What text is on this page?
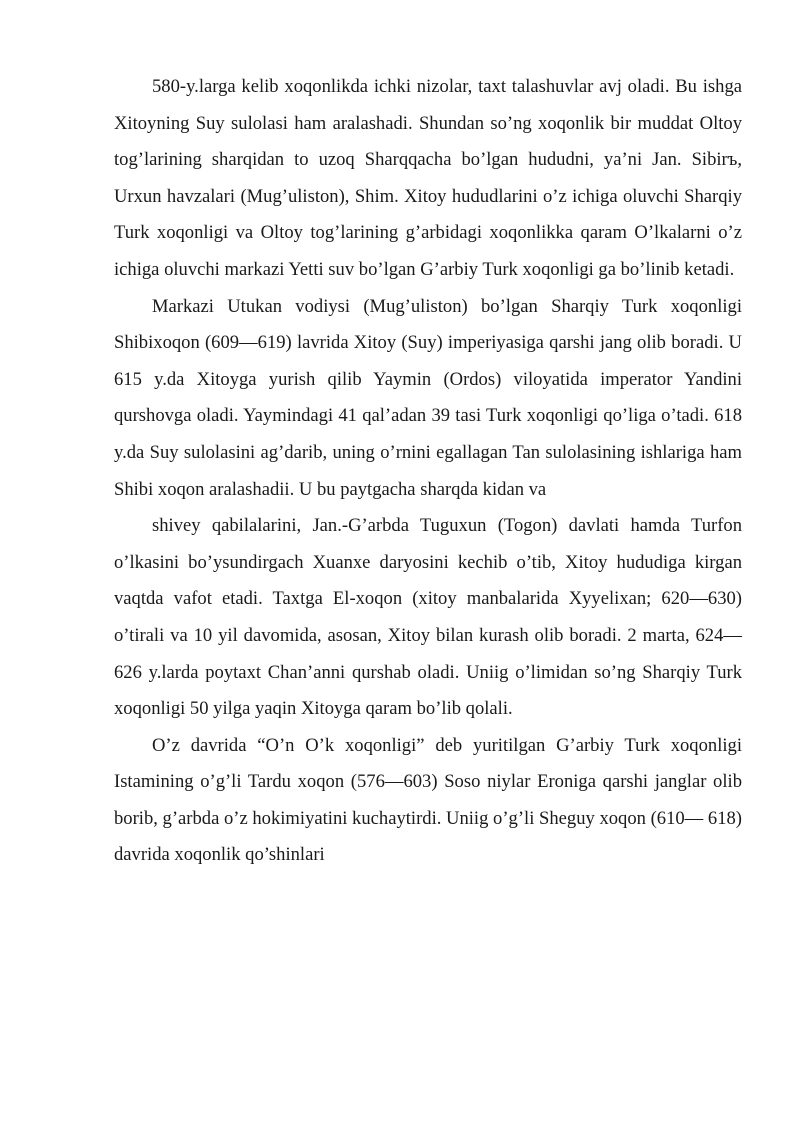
580-y.larga kelib xoqonlikda ichki nizolar, taxt talashuvlar avj oladi. Bu ishga Xitoyning Suy sulolasi ham aralashadi. Shundan so’ng xoqonlik bir muddat Oltoy tog’larining sharqidan to uzoq Sharqqacha bo’lgan hududni, ya’ni Jan. Sibirъ, Urxun havzalari (Mug’uliston), Shim. Xitoy hududlarini o’z ichiga oluvchi Sharqiy Turk xoqonligi va Oltoy tog’larining g’arbidagi xoqonlikka qaram O’lkalarni o’z ichiga oluvchi markazi Yetti suv bo’lgan G’arbiy Turk xoqonligi ga bo’linib ketadi.

Markazi Utukan vodiysi (Mug’uliston) bo’lgan Sharqiy Turk xoqonligi Shibixoqon (609—619) lavrida Xitoy (Suy) imperiyasiga qarshi jang olib boradi. U 615 y.da Xitoyga yurish qilib Yaymin (Ordos) viloyatida imperator Yandini qurshovga oladi. Yaymindagi 41 qal’adan 39 tasi Turk xoqonligi qo’liga o’tadi. 618 y.da Suy sulolasini ag’darib, uning o’rnini egallagan Tan sulolasining ishlariga ham Shibi xoqon aralashadii. U bu paytgacha sharqda kidan va

shivey qabilalarini, Jan.-G’arbda Tuguxun (Togon) davlati hamda Turfon o’lkasini bo’ysundirgach Xuanxe daryosini kechib o’tib, Xitoy hududiga kirgan vaqtda vafot etadi. Taxtga El-xoqon (xitoy manbalarida Xyyelixan; 620—630) o’tirali va 10 yil davomida, asosan, Xitoy bilan kurash olib boradi. 2 marta, 624—626 y.larda poytaxt Chan’anni qurshab oladi. Uniig o’limidan so’ng Sharqiy Turk xoqonligi 50 yilga yaqin Xitoyga qaram bo’lib qolali.

O’z davrida “O’n O’k xoqonligi” deb yuritilgan G’arbiy Turk xoqonligi Istamining o’g’li Tardu xoqon (576—603) Soso niylar Eroniga qarshi janglar olib borib, g’arbda o’z hokimiyatini kuchaytirdi. Uniig o’g’li Sheguy xoqon (610— 618) davrida xoqonlik qo’shinlari
